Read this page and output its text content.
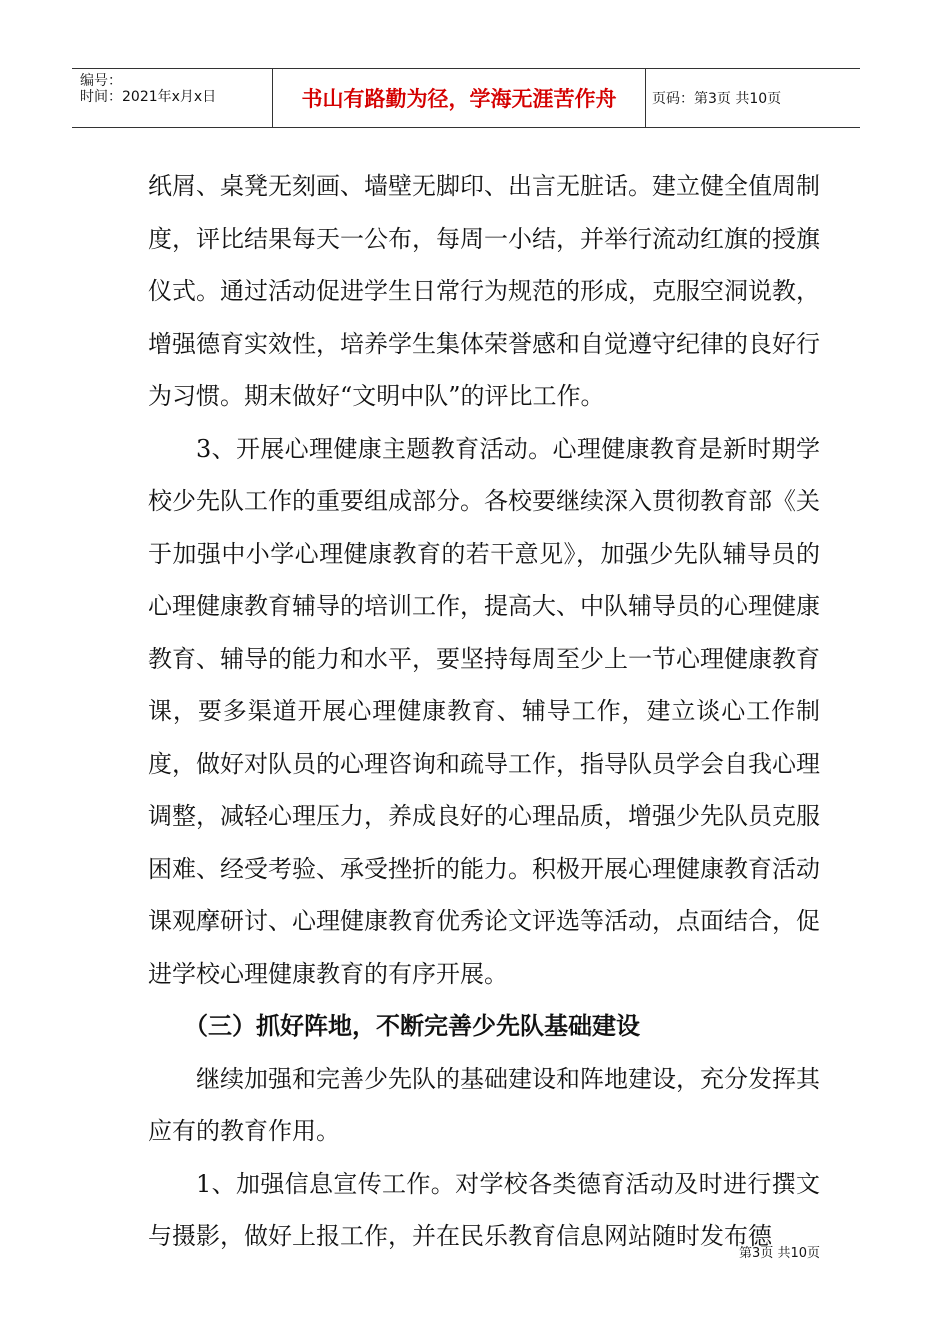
编号：
时间：2021年x月x日	书山有路勤为径，学海无涯苦作舟	页码：第3页 共10页

纸屑、桌凳无刻画、墙壁无脚印、出言无脏话。建立健全值周制度，评比结果每天一公布，每周一小结，并举行流动红旗的授旗仪式。通过活动促进学生日常行为规范的形成，克服空洞说教，增强德育实效性，培养学生集体荣誉感和自觉遵守纪律的良好行为习惯。期末做好“文明中队”的评比工作。

3、开展心理健康主题教育活动。心理健康教育是新时期学校少先队工作的重要组成部分。各校要继续深入贯彻教育部《关于加强中小学心理健康教育的若干意见》，加强少先队辅导员的心理健康教育辅导的培训工作，提高大、中队辅导员的心理健康教育、辅导的能力和水平，要坚持每周至少上一节心理健康教育课，要多渠道开展心理健康教育、辅导工作，建立谈心工作制度，做好对队员的心理咨询和疏导工作，指导队员学会自我心理调整，减轻心理压力，养成良好的心理品质，增强少先队员克服困难、经受考验、承受挫折的能力。积极开展心理健康教育活动课观摩研讨、心理健康教育优秀论文评选等活动，点面结合，促进学校心理健康教育的有序开展。

（三）抓好阵地，不断完善少先队基础建设

继续加强和完善少先队的基础建设和阵地建设，充分发挥其应有的教育作用。

1、加强信息宣传工作。对学校各类德育活动及时进行撰文与摄影，做好上报工作，并在民乐教育信息网站随时发布德

第3页 共10页
